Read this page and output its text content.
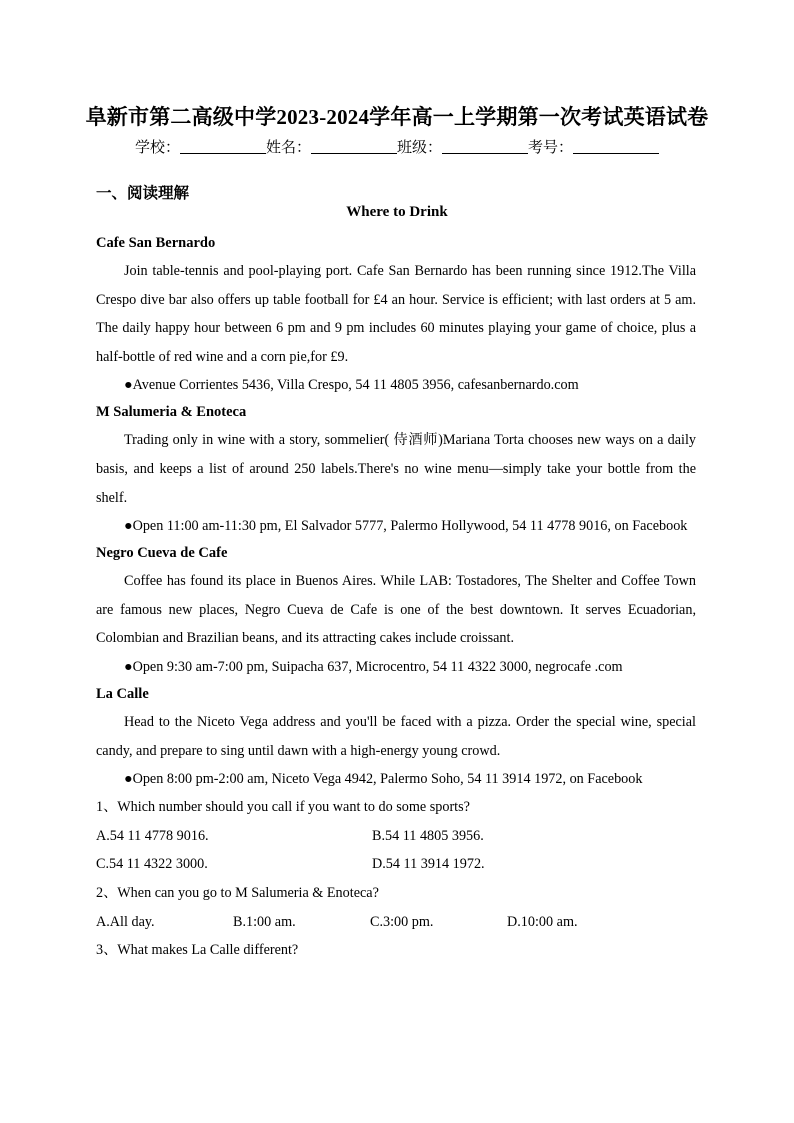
阜新市第二高级中学2023-2024学年高一上学期第一次考试英语试卷
学校：	姓名：	班级：	考号：
一、阅读理解
Where to Drink
Cafe San Bernardo
Join table-tennis and pool-playing port. Cafe San Bernardo has been running since 1912.The Villa Crespo dive bar also offers up table football for £4 an hour. Service is efficient; with last orders at 5 am. The daily happy hour between 6 pm and 9 pm includes 60 minutes playing your game of choice, plus a half-bottle of red wine and a corn pie,for £9.
●Avenue Corrientes 5436, Villa Crespo, 54 11 4805 3956, cafesanbernardo.com
M Salumeria & Enoteca
Trading only in wine with a story, sommelier( 侍酒师)Mariana Torta chooses new ways on a daily basis, and keeps a list of around 250 labels.There's no wine menu—simply take your bottle from the shelf.
●Open 11:00 am-11:30 pm, El Salvador 5777, Palermo Hollywood, 54 11 4778 9016, on Facebook
Negro Cueva de Cafe
Coffee has found its place in Buenos Aires. While LAB: Tostadores, The Shelter and Coffee Town are famous new places, Negro Cueva de Cafe is one of the best downtown. It serves Ecuadorian, Colombian and Brazilian beans, and its attracting cakes include croissant.
●Open 9:30 am-7:00 pm, Suipacha 637, Microcentro, 54 11 4322 3000, negrocafe .com
La Calle
Head to the Niceto Vega address and you'll be faced with a pizza. Order the special wine, special candy, and prepare to sing until dawn with a high-energy young crowd.
●Open 8:00 pm-2:00 am, Niceto Vega 4942, Palermo Soho, 54 11 3914 1972, on Facebook
1、Which number should you call if you want to do some sports?
A.54 11 4778 9016.	B.54 11 4805 3956.
C.54 11 4322 3000.	D.54 11 3914 1972.
2、When can you go to M Salumeria & Enoteca?
A.All day.	B.1:00 am.	C.3:00 pm.	D.10:00 am.
3、What makes La Calle different?
